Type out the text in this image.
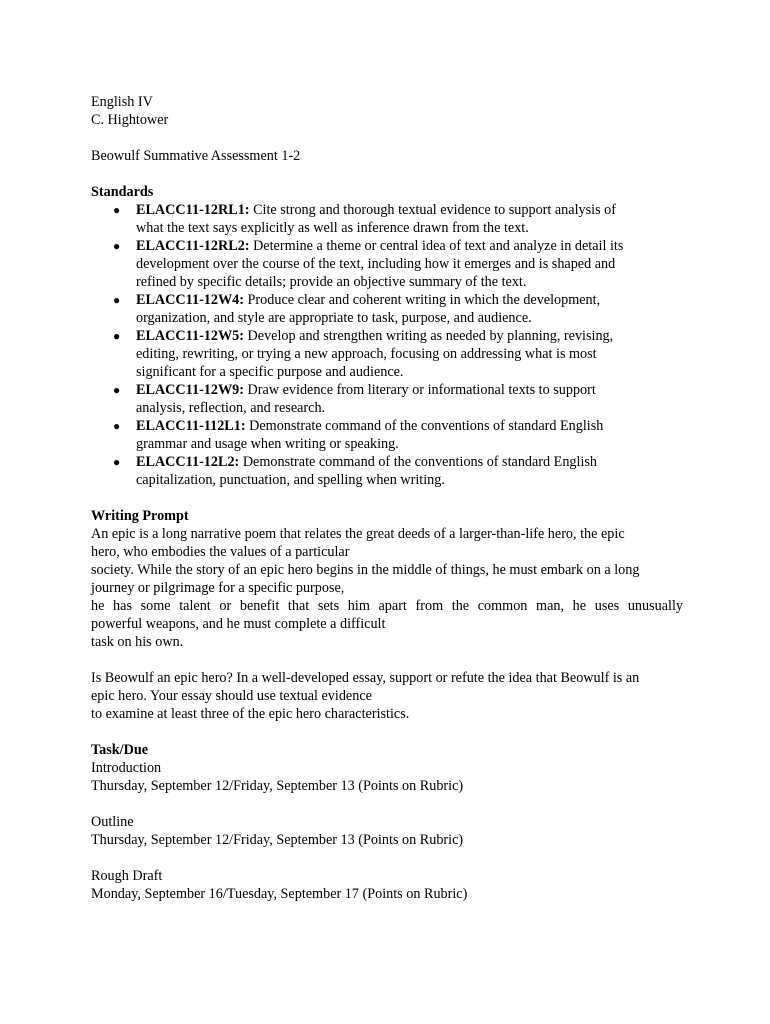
English IV
C. Hightower
Beowulf Summative Assessment 1-2
Standards
● ELACC11-12RL1: Cite strong and thorough textual evidence to support analysis of
what the text says explicitly as well as inference drawn from the text.
● ELACC11-12RL2: Determine a theme or central idea of text and analyze in detail its
development over the course of the text, including how it emerges and is shaped and
refined by specific details; provide an objective summary of the text.
● ELACC11-12W4: Produce clear and coherent writing in which the development,
organization, and style are appropriate to task, purpose, and audience.
● ELACC11-12W5: Develop and strengthen writing as needed by planning, revising,
editing, rewriting, or trying a new approach, focusing on addressing what is most
significant for a specific purpose and audience.
● ELACC11-12W9: Draw evidence from literary or informational texts to support
analysis, reflection, and research.
● ELACC11-112L1: Demonstrate command of the conventions of standard English
grammar and usage when writing or speaking.
● ELACC11-12L2: Demonstrate command of the conventions of standard English
capitalization, punctuation, and spelling when writing.
Writing Prompt
An epic is a long narrative poem that relates the great deeds of a larger-than-life hero, the epic
hero, who embodies the values of a particular
society. While the story of an epic hero begins in the middle of things, he must embark on a long
journey or pilgrimage for a specific purpose,
he has some talent or benefit that sets him apart from the common man, he uses unusually
powerful weapons, and he must complete a difficult
task on his own.
Is Beowulf an epic hero? In a well-developed essay, support or refute the idea that Beowulf is an
epic hero. Your essay should use textual evidence
to examine at least three of the epic hero characteristics.
Task/Due
Introduction
Thursday, September 12/Friday, September 13 (Points on Rubric)
Outline
Thursday, September 12/Friday, September 13 (Points on Rubric)
Rough Draft
Monday, September 16/Tuesday, September 17 (Points on Rubric)
